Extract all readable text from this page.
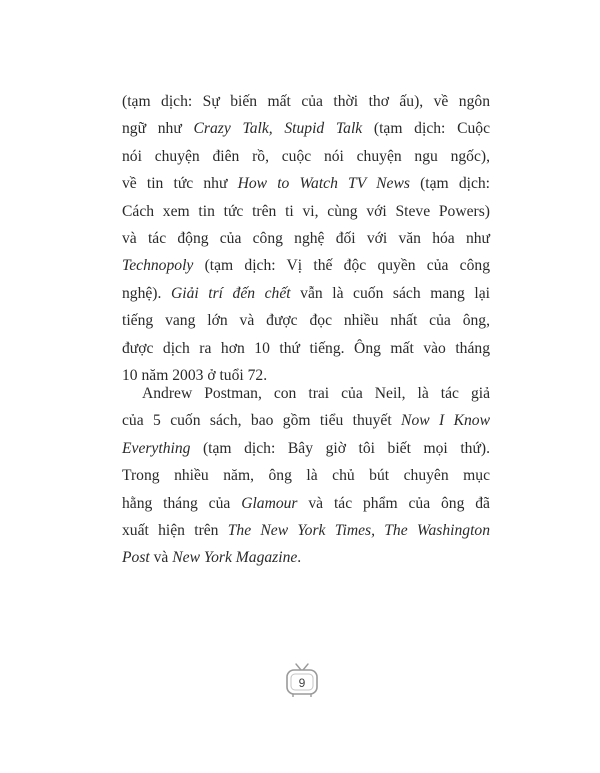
(tạm dịch: Sự biến mất của thời thơ ấu), về ngôn
ngữ như Crazy Talk, Stupid Talk (tạm dịch: Cuộc
nói chuyện điên rồ, cuộc nói chuyện ngu ngốc),
về tin tức như How to Watch TV News (tạm dịch:
Cách xem tin tức trên ti vi, cùng với Steve Powers)
và tác động của công nghệ đối với văn hóa như
Technopoly (tạm dịch: Vị thế độc quyền của công
nghệ). Giải trí đến chết vẫn là cuốn sách mang lại
tiếng vang lớn và được đọc nhiều nhất của ông,
được dịch ra hơn 10 thứ tiếng. Ông mất vào tháng
10 năm 2003 ở tuổi 72.
Andrew Postman, con trai của Neil, là tác giả
của 5 cuốn sách, bao gồm tiểu thuyết Now I Know
Everything (tạm dịch: Bây giờ tôi biết mọi thứ).
Trong nhiều năm, ông là chủ bút chuyên mục
hằng tháng của Glamour và tác phẩm của ông đã
xuất hiện trên The New York Times, The Washington
Post và New York Magazine.
9
